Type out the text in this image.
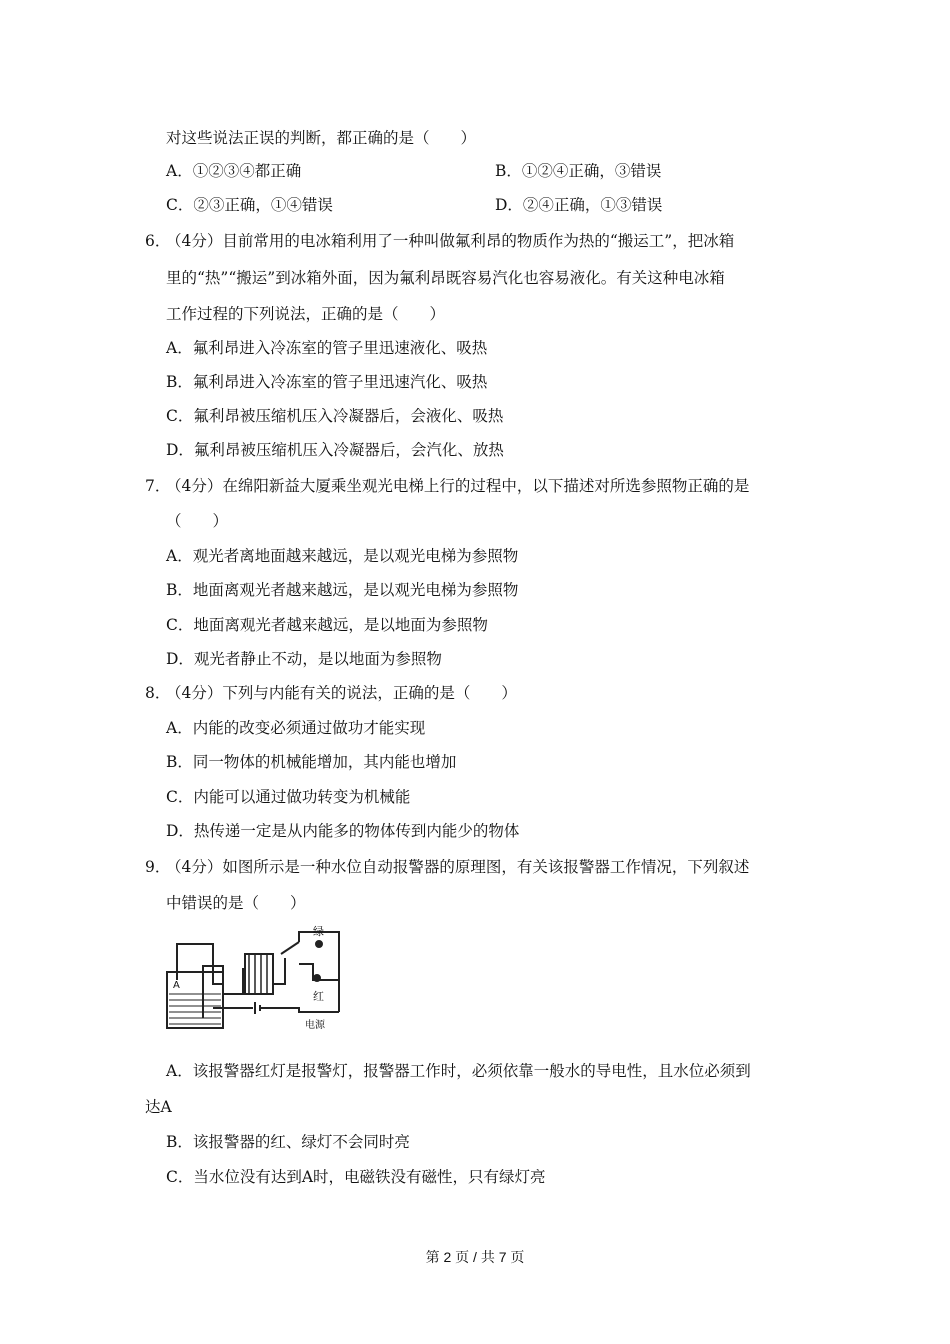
对这些说法正误的判断，都正确的是（　　）
A．①②③④都正确	B．①②④正确，③错误
C．②③正确，①④错误	D．②④正确，①③错误
6．
（4分）目前常用的电冰箱利用了一种叫做氟利昂的物质作为热的“搬运工”，把冰箱
里的“热”“搬运”到冰箱外面，因为氟利昂既容易汽化也容易液化。有关这种电冰箱
工作过程的下列说法，正确的是（　　）
A．氟利昂进入冷冻室的管子里迅速液化、吸热
B．氟利昂进入冷冻室的管子里迅速汽化、吸热
C．氟利昂被压缩机压入冷凝器后，会液化、吸热
D．氟利昂被压缩机压入冷凝器后，会汽化、放热
7．
（4分）在绵阳新益大厦乘坐观光电梯上行的过程中，以下描述对所选参照物正确的是
（　　）
A．观光者离地面越来越远，是以观光电梯为参照物
B．地面离观光者越来越远，是以观光电梯为参照物
C．地面离观光者越来越远，是以地面为参照物
D．观光者静止不动，是以地面为参照物
8．
（4分）下列与内能有关的说法，正确的是（　　）
A．内能的改变必须通过做功才能实现
B．同一物体的机械能增加，其内能也增加
C．内能可以通过做功转变为机械能
D．热传递一定是从内能多的物体传到内能少的物体
9．
（4分）如图所示是一种水位自动报警器的原理图，有关该报警器工作情况，下列叙述
中错误的是（　　）
绿
红
电源
A
A．该报警器红灯是报警灯，报警器工作时，必须依靠一般水的导电性，且水位必须到
达A
B．该报警器的红、绿灯不会同时亮
C．当水位没有达到A时，电磁铁没有磁性，只有绿灯亮
第 2 页 / 共 7 页
